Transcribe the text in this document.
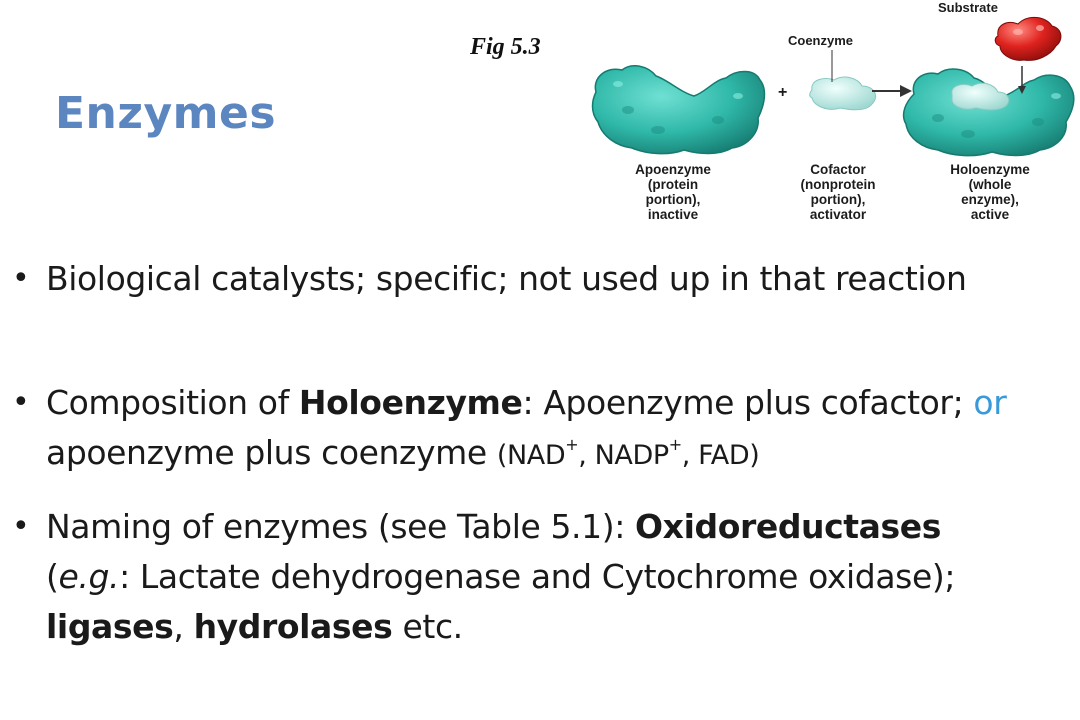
Enzymes
Fig 5.3
+
Substrate
Coenzyme
Apoenzyme
(protein
portion),
inactive
Cofactor
(nonprotein
portion),
activator
Holoenzyme
(whole
enzyme),
active
• Biological catalysts; specific; not used up in that reaction
• Composition of Holoenzyme: Apoenzyme plus cofactor; or apoenzyme plus coenzyme (NAD+, NADP+, FAD)
• Naming of enzymes (see Table 5.1): Oxidoreductases
(e.g.: Lactate dehydrogenase and Cytochrome oxidase);
ligases, hydrolases etc.
